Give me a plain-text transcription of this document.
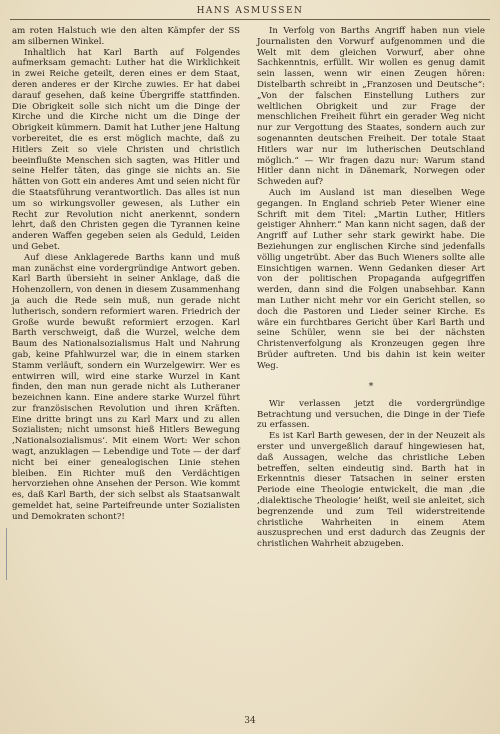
HANS ASMUSSEN

am roten Halstuch wie den alten Kämpfer der SS am silbernen Winkel.

Inhaltlich hat Karl Barth auf Folgendes aufmerksam gemacht: Luther hat die Wirklichkeit in zwei Reiche geteilt, deren eines er dem Staat, deren anderes er der Kirche zuwies. Er hat dabei darauf gesehen, daß keine Übergriffe stattfinden. Die Obrigkeit solle sich nicht um die Dinge der Kirche und die Kirche nicht um die Dinge der Obrigkeit kümmern. Damit hat Luther jene Haltung vorbereitet, die es erst möglich machte, daß zu Hitlers Zeit so viele Christen und christlich beeinflußte Menschen sich sagten, was Hitler und seine Helfer täten, das ginge sie nichts an. Sie hätten von Gott ein anderes Amt und seien nicht für die Staatsführung verantwortlich. Das alles ist nun um so wirkungsvoller gewesen, als Luther ein Recht zur Revolution nicht anerkennt, sondern lehrt, daß den Christen gegen die Tyrannen keine anderen Waffen gegeben seien als Geduld, Leiden und Gebet.

Auf diese Anklagerede Barths kann und muß man zunächst eine vordergründige Antwort geben. Karl Barth übersieht in seiner Anklage, daß die Hohenzollern, von denen in diesem Zusammenhang ja auch die Rede sein muß, nun gerade nicht lutherisch, sondern reformiert waren. Friedrich der Große wurde bewußt reformiert erzogen. Karl Barth verschweigt, daß die Wurzel, welche dem Baum des Nationalsozialismus Halt und Nahrung gab, keine Pfahlwurzel war, die in einem starken Stamm verläuft, sondern ein Wurzelgewirr. Wer es entwirren will, wird eine starke Wurzel in Kant finden, den man nun gerade nicht als Lutheraner bezeichnen kann. Eine andere starke Wurzel führt zur französischen Revolution und ihren Kräften. Eine dritte bringt uns zu Karl Marx und zu allen Sozialisten; nicht umsonst hieß Hitlers Bewegung ‚Nationalsozialismus‘. Mit einem Wort: Wer schon wagt, anzuklagen — Lebendige und Tote — der darf nicht bei einer genealogischen Linie stehen bleiben. Ein Richter muß den Verdächtigen hervorziehen ohne Ansehen der Person. Wie kommt es, daß Karl Barth, der sich selbst als Staatsanwalt gemeldet hat, seine Parteifreunde unter Sozialisten und Demokraten schont?!

In Verfolg von Barths Angriff haben nun viele Journalisten den Vorwurf aufgenommen und die Welt mit dem gleichen Vorwurf, aber ohne Sachkenntnis, erfüllt. Wir wollen es genug damit sein lassen, wenn wir einen Zeugen hören: Distelbarth schreibt in „Franzosen und Deutsche“: „Von der falschen Einstellung Luthers zur weltlichen Obrigkeit und zur Frage der menschlichen Freiheit führt ein gerader Weg nicht nur zur Vergottung des Staates, sondern auch zur sogenannten deutschen Freiheit. Der totale Staat Hitlers war nur im lutherischen Deutschland möglich.“ — Wir fragen dazu nur: Warum stand Hitler dann nicht in Dänemark, Norwegen oder Schweden auf?

Auch im Ausland ist man dieselben Wege gegangen. In England schrieb Peter Wiener eine Schrift mit dem Titel: „Martin Luther, Hitlers geistiger Ahnherr.“ Man kann nicht sagen, daß der Angriff auf Luther sehr stark gewirkt habe. Die Beziehungen zur englischen Kirche sind jedenfalls völlig ungetrübt. Aber das Buch Wieners sollte alle Einsichtigen warnen. Wenn Gedanken dieser Art von der politischen Propaganda aufgegriffen werden, dann sind die Folgen unabsehbar. Kann man Luther nicht mehr vor ein Gericht stellen, so doch die Pastoren und Lieder seiner Kirche. Es wäre ein furchtbares Gericht über Karl Barth und seine Schüler, wenn sie bei der nächsten Christenverfolgung als Kronzeugen gegen ihre Brüder auftreten. Und bis dahin ist kein weiter Weg.

*

Wir verlassen jetzt die vordergründige Betrachtung und versuchen, die Dinge in der Tiefe zu erfassen.

Es ist Karl Barth gewesen, der in der Neuzeit als erster und unvergeßlich darauf hingewiesen hat, daß Aussagen, welche das christliche Leben betreffen, selten eindeutig sind. Barth hat in Erkenntnis dieser Tatsachen in seiner ersten Periode eine Theologie entwickelt, die man ‚die ‚dialektische Theologie‘ heißt, weil sie anleitet, sich begrenzende und zum Teil widerstreitende christliche Wahrheiten in einem Atem auszusprechen und erst dadurch das Zeugnis der christlichen Wahrheit abzugeben.

34
